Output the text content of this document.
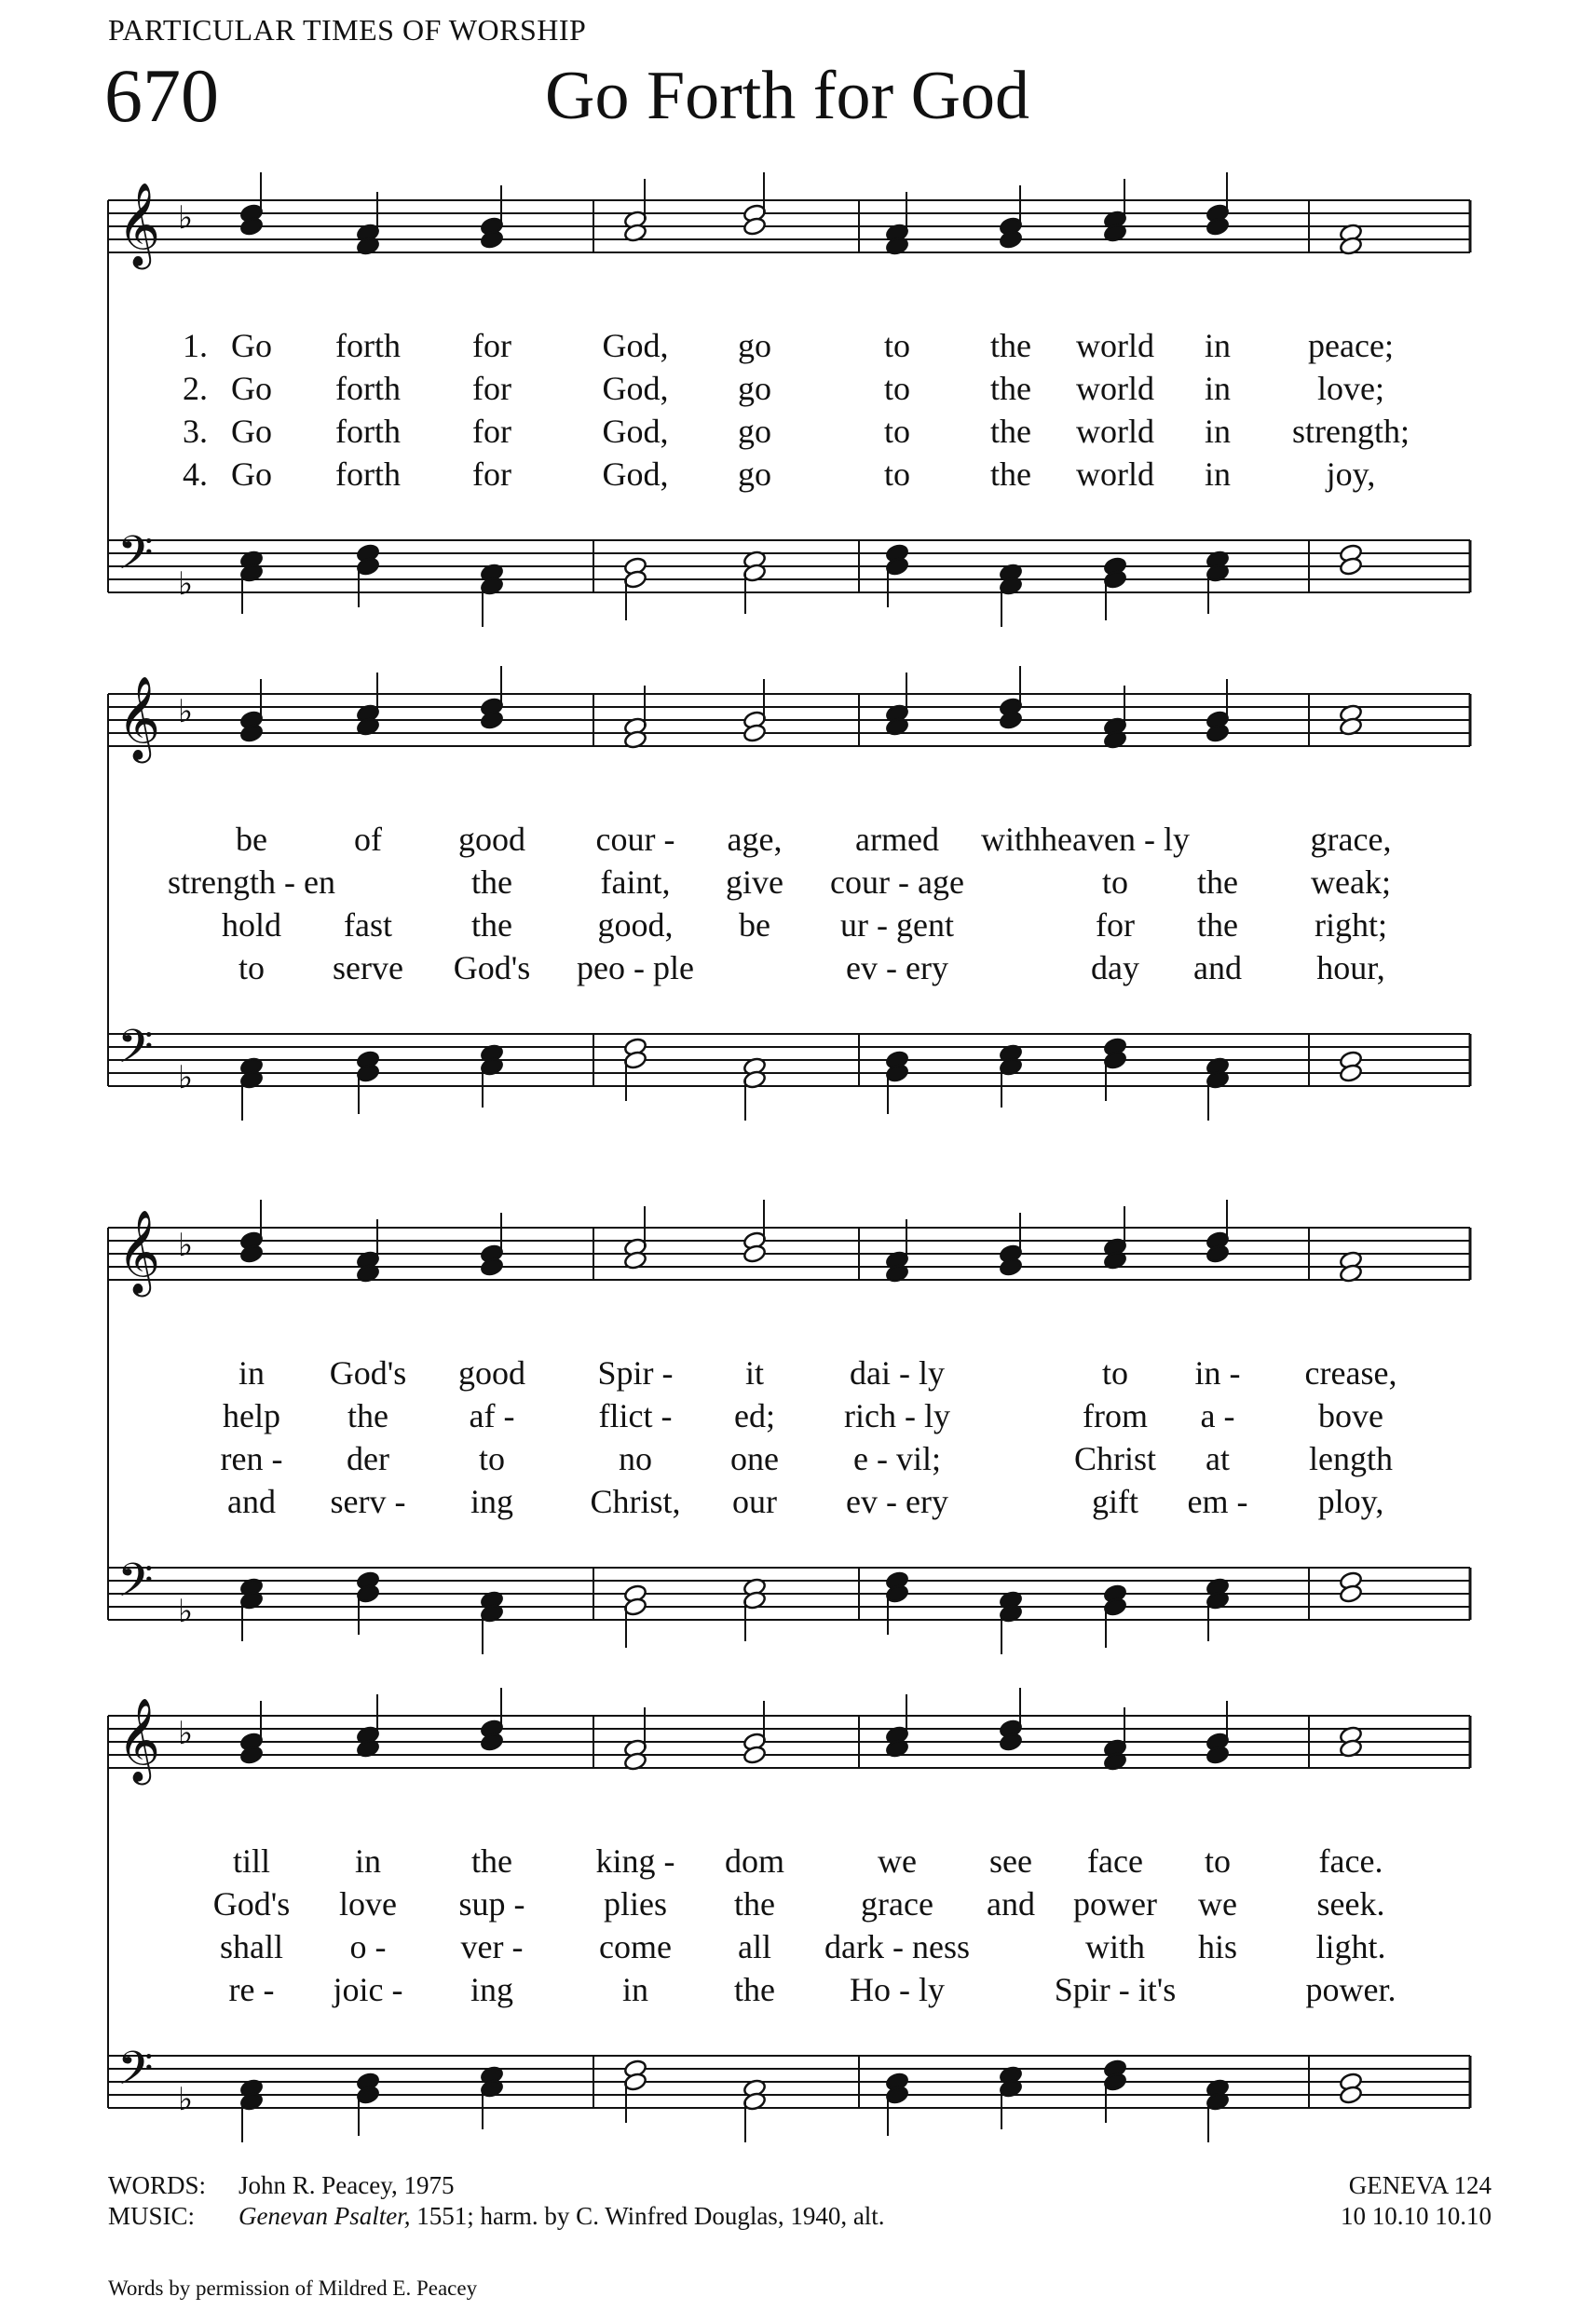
PARTICULAR TIMES OF WORSHIP
670	Go Forth for God
𝄞 ♭
𝄢 ♭
1. Go forth for	God, go	to the world in peace;
2. Go forth for	God, go	to the world in	love;
3. Go forth for	God, go	to the world in strength;
4. Go forth for	God, go	to the world in	joy,
𝄞 ♭
𝄢 ♭
be	of good cour - age, armed with heaven - ly	grace,
strength - en	the	faint, give cour - age	to the weak;
hold fast the	good, be ur - gent	for the right;
to serve God's peo - ple	ev - ery	day and hour,
𝄞 ♭
𝄢 ♭
in God's good Spir - it	dai - ly	to in - crease,
help the af -	flict - ed; rich - ly	from a - bove
ren - der	to	no one e - vil;	Christ at length
and serv - ing Christ, our ev - ery	gift em - ploy,
𝄞 ♭
𝄢 ♭
till	in	the king - dom	we see face to	face.
God's love sup - plies the	grace and power we seek.
shall o - ver - come all dark - ness	with his light.
re - joic - ing	in	the Ho - ly	Spir - it's	power.
WORDS: John R. Peacey, 1975
MUSIC: Genevan Psalter, 1551; harm. by C. Winfred Douglas, 1940, alt.
GENEVA 124
10 10.10 10.10
Words by permission of Mildred E. Peacey
